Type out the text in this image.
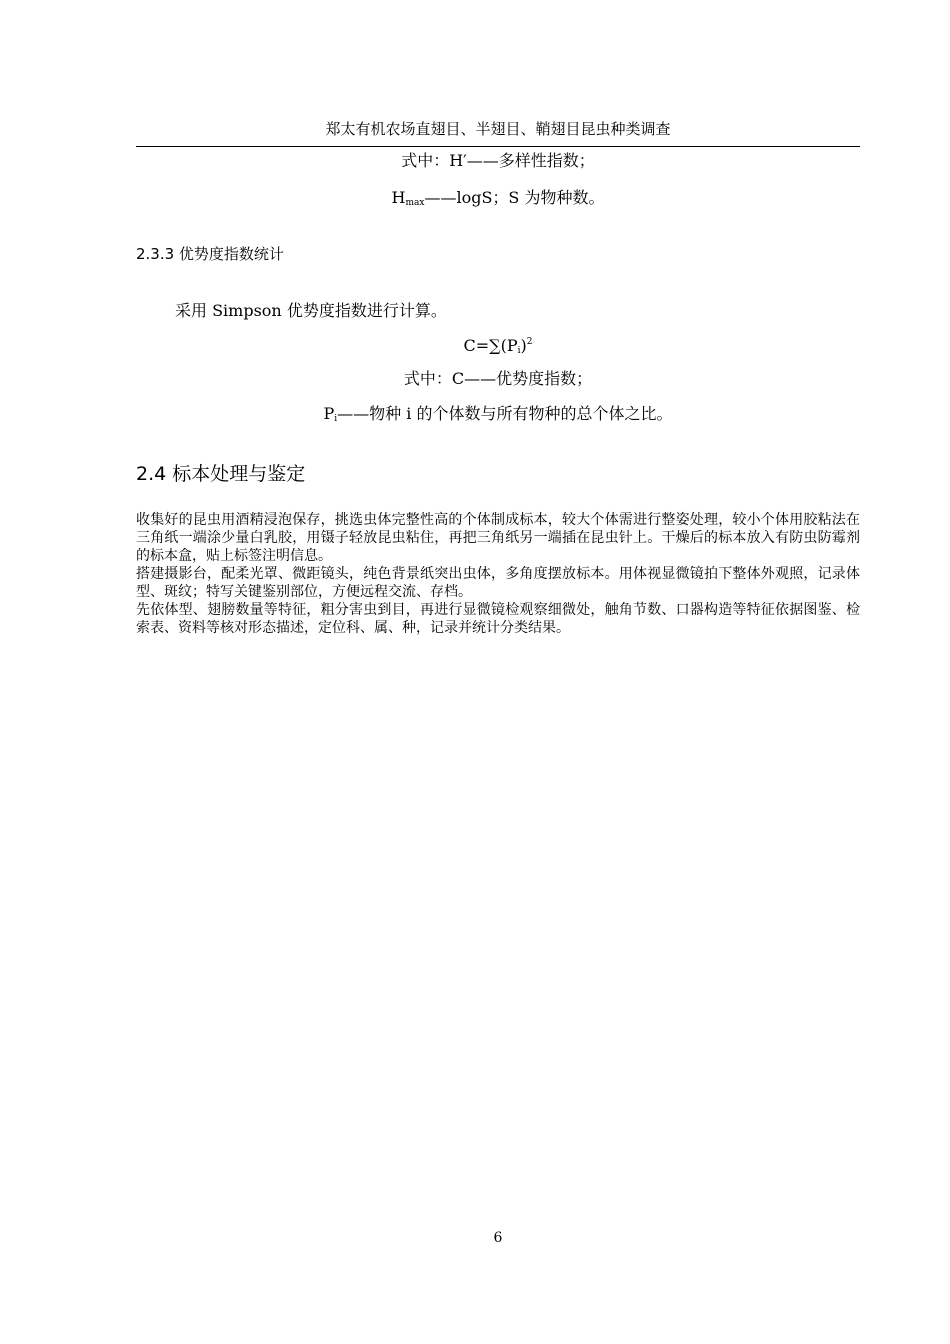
郑太有机农场直翅目、半翅目、鞘翅目昆虫种类调查
式中：H′——多样性指数；
$H_{max}——\log S$；S 为物种数。
2.3.3 优势度指数统计
采用 Simpson 优势度指数进行计算。
$C=\sum(P_i)^2$
式中：C——优势度指数；
$P_i——$物种 i 的个体数与所有物种的总个体之比。
2.4 标本处理与鉴定

收集好的昆虫用酒精浸泡保存，挑选虫体完整性高的个体制成标本，较大个体需进行整姿处理，较小个体用胶粘法在三角纸一端涂少量白乳胶，用镊子轻放昆虫粘住，再把三角纸另一端插在昆虫针上。干燥后的标本放入有防虫防霉剂的标本盒，贴上标签注明信息。

搭建摄影台，配柔光罩、微距镜头，纯色背景纸突出虫体，多角度摆放标本。用体视显微镜拍下整体外观照，记录体型、斑纹；特写关键鉴别部位，方便远程交流、存档。

先依体型、翅膀数量等特征，粗分害虫到目，再进行显微镜检观察细微处，触角节数、口器构造等特征依据图鉴、检索表、资料等核对形态描述，定位科、属、种，记录并统计分类结果。

6
